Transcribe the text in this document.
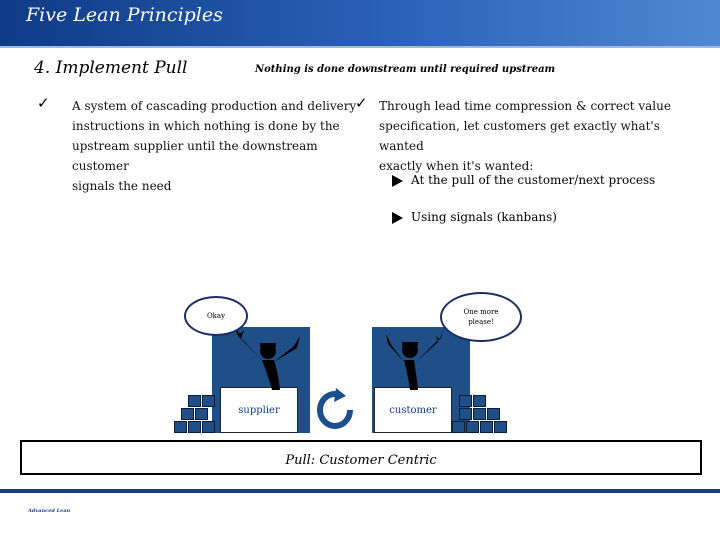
Five Lean Principles
4. Implement Pull	Nothing is done downstream until required upstream
✓ A system of cascading production and delivery
instructions in which nothing is done by the
upstream supplier until the downstream customer
signals the need
✓ Through lead time compression & correct value
specification, let customers get exactly what's wanted
exactly when it's wanted:
At the pull of the customer/next process
Using signals (kanbans)
supplier
Okay
customer
One more please!
Pull: Customer Centric
Advanced Lean
